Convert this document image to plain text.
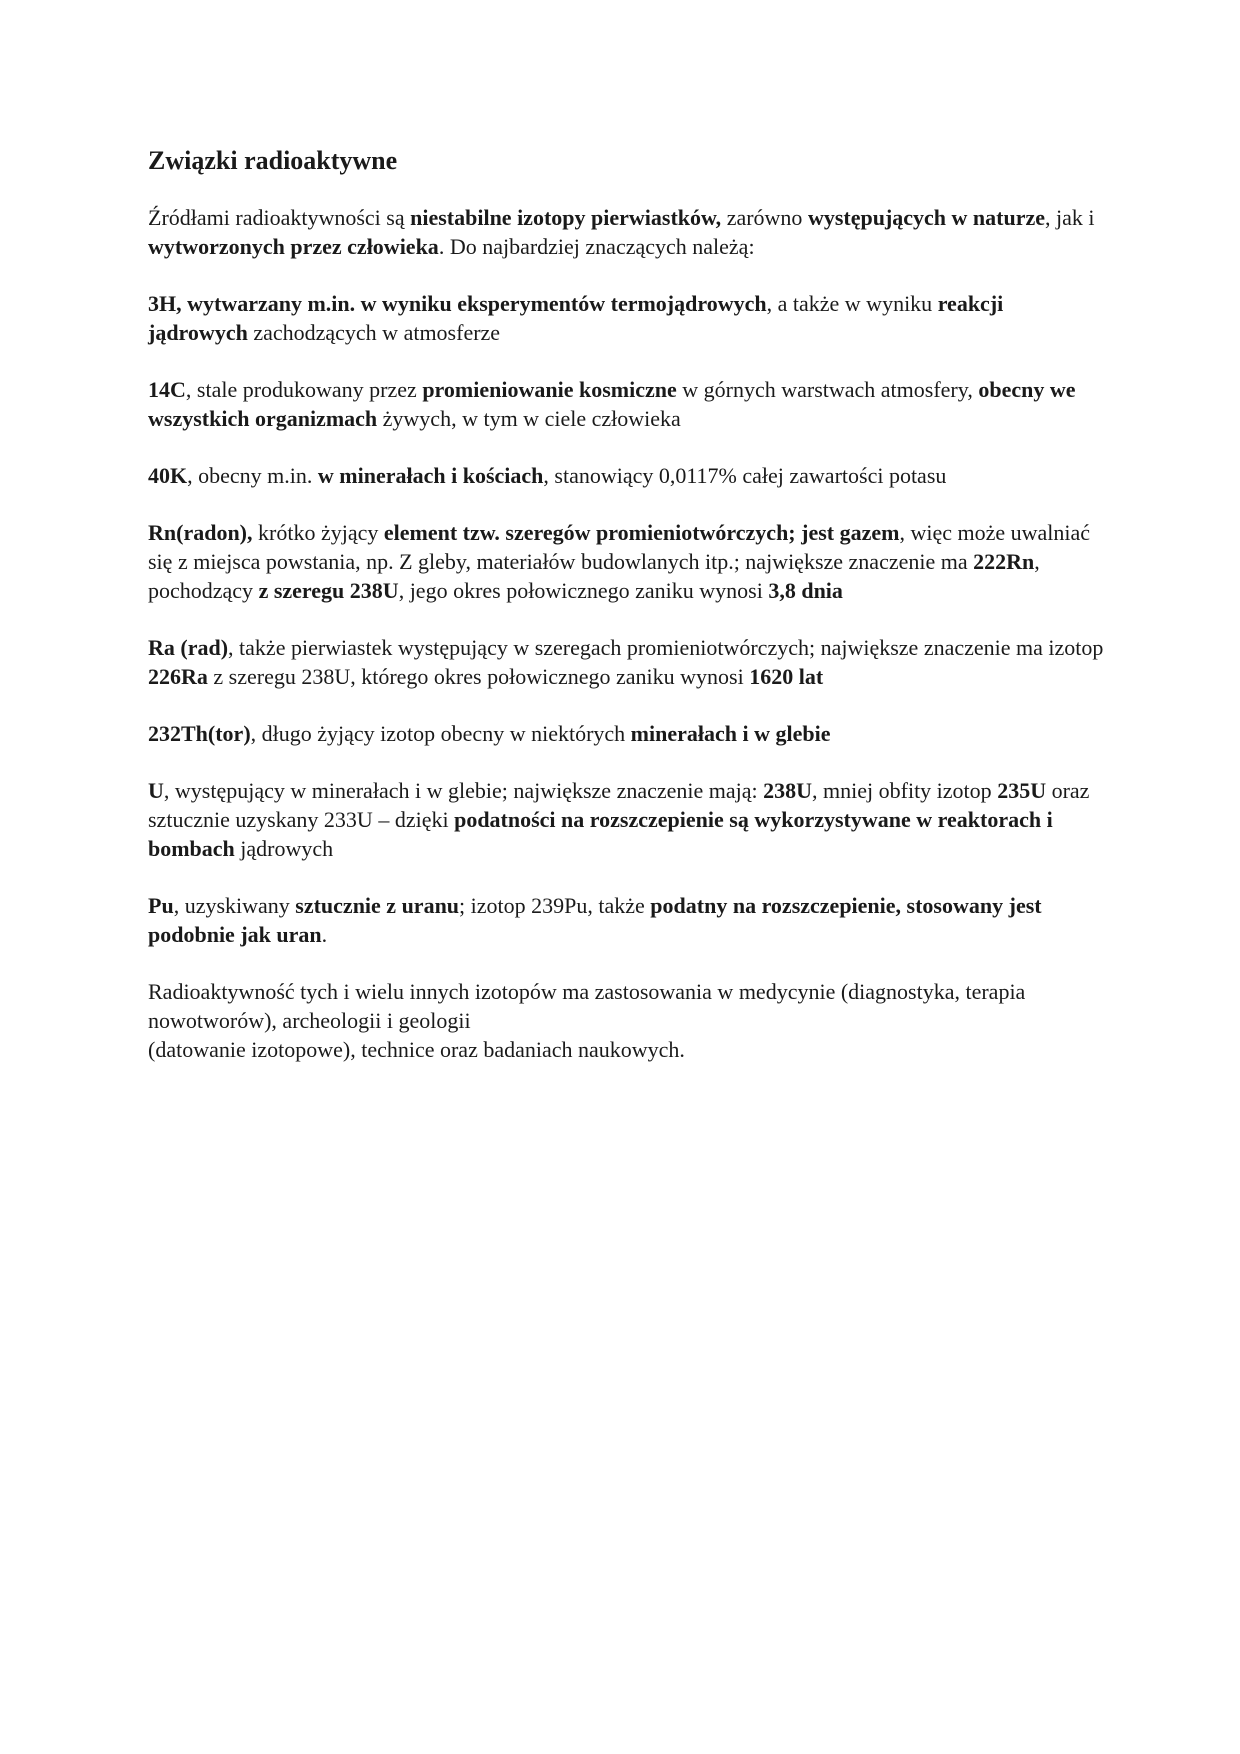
Związki radioaktywne

Źródłami radioaktywności są niestabilne izotopy pierwiastków, zarówno występujących w naturze, jak i wytworzonych przez człowieka. Do najbardziej znaczących należą:

3H, wytwarzany m.in. w wyniku eksperymentów termojądrowych, a także w wyniku reakcji jądrowych zachodzących w atmosferze

14C, stale produkowany przez promieniowanie kosmiczne w górnych warstwach atmosfery, obecny we wszystkich organizmach żywych, w tym w ciele człowieka

40K, obecny m.in. w minerałach i kościach, stanowiący 0,0117% całej zawartości potasu

Rn(radon), krótko żyjący element tzw. szeregów promieniotwórczych; jest gazem, więc może uwalniać się z miejsca powstania, np. Z gleby, materiałów budowlanych itp.; największe znaczenie ma 222Rn, pochodzący z szeregu 238U, jego okres połowicznego zaniku wynosi 3,8 dnia

Ra (rad), także pierwiastek występujący w szeregach promieniotwórczych; największe znaczenie ma izotop 226Ra z szeregu 238U, którego okres połowicznego zaniku wynosi 1620 lat

232Th(tor), długo żyjący izotop obecny w niektórych minerałach i w glebie

U, występujący w minerałach i w glebie; największe znaczenie mają: 238U, mniej obfity izotop 235U oraz sztucznie uzyskany 233U – dzięki podatności na rozszczepienie są wykorzystywane w reaktorach i bombach jądrowych

Pu, uzyskiwany sztucznie z uranu; izotop 239Pu, także podatny na rozszczepienie, stosowany jest podobnie jak uran.

Radioaktywność tych i wielu innych izotopów ma zastosowania w medycynie (diagnostyka, terapia nowotworów), archeologii i geologii
(datowanie izotopowe), technice oraz badaniach naukowych.
